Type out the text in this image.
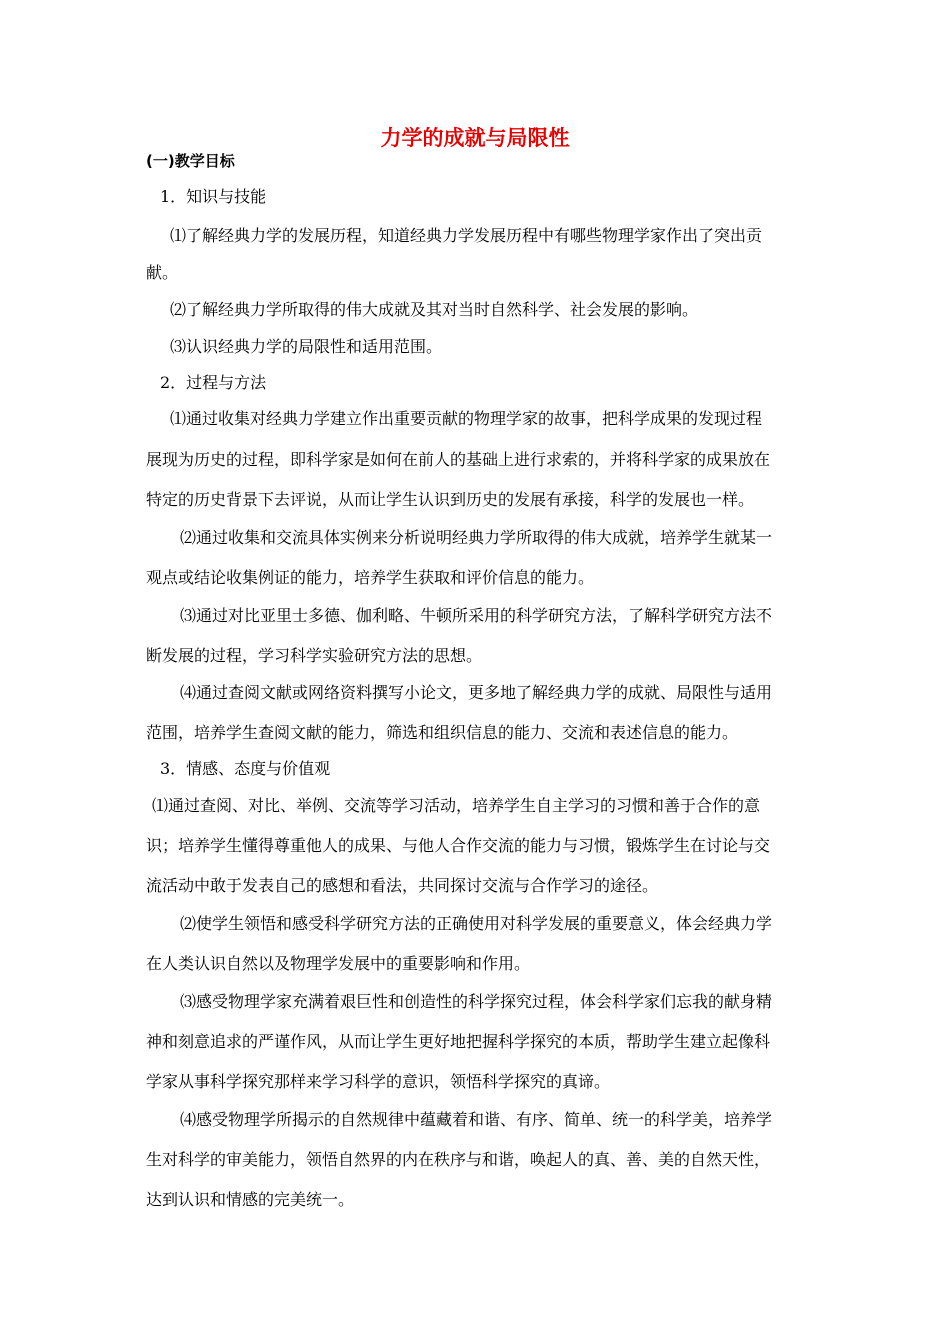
力学的成就与局限性
(一)教学目标
1．知识与技能
⑴了解经典力学的发展历程，知道经典力学发展历程中有哪些物理学家作出了突出贡
献。
⑵了解经典力学所取得的伟大成就及其对当时自然科学、社会发展的影响。
⑶认识经典力学的局限性和适用范围。
2．过程与方法
⑴通过收集对经典力学建立作出重要贡献的物理学家的故事，把科学成果的发现过程
展现为历史的过程，即科学家是如何在前人的基础上进行求索的，并将科学家的成果放在
特定的历史背景下去评说，从而让学生认识到历史的发展有承接，科学的发展也一样。
⑵通过收集和交流具体实例来分析说明经典力学所取得的伟大成就，培养学生就某一
观点或结论收集例证的能力，培养学生获取和评价信息的能力。
⑶通过对比亚里士多德、伽利略、牛顿所采用的科学研究方法，了解科学研究方法不
断发展的过程，学习科学实验研究方法的思想。
⑷通过查阅文献或网络资料撰写小论文，更多地了解经典力学的成就、局限性与适用
范围，培养学生查阅文献的能力，筛选和组织信息的能力、交流和表述信息的能力。
3．情感、态度与价值观
⑴通过查阅、对比、举例、交流等学习活动，培养学生自主学习的习惯和善于合作的意
识；培养学生懂得尊重他人的成果、与他人合作交流的能力与习惯，锻炼学生在讨论与交
流活动中敢于发表自己的感想和看法，共同探讨交流与合作学习的途径。
⑵使学生领悟和感受科学研究方法的正确使用对科学发展的重要意义，体会经典力学
在人类认识自然以及物理学发展中的重要影响和作用。
⑶感受物理学家充满着艰巨性和创造性的科学探究过程，体会科学家们忘我的献身精
神和刻意追求的严谨作风，从而让学生更好地把握科学探究的本质，帮助学生建立起像科
学家从事科学探究那样来学习科学的意识，领悟科学探究的真谛。
⑷感受物理学所揭示的自然规律中蕴藏着和谐、有序、简单、统一的科学美，培养学
生对科学的审美能力，领悟自然界的内在秩序与和谐，唤起人的真、善、美的自然天性，
达到认识和情感的完美统一。
